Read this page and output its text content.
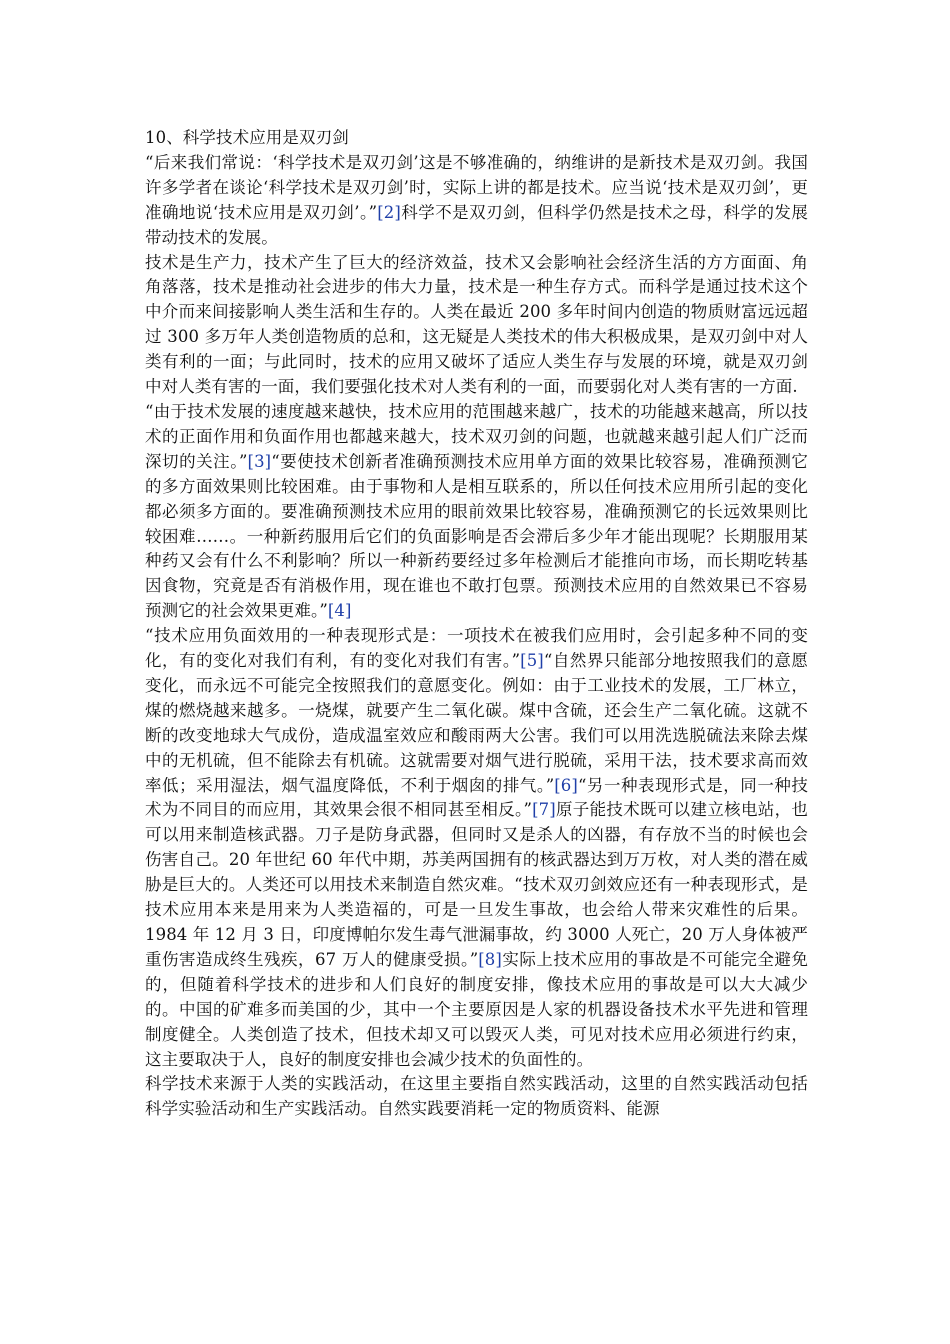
10、科学技术应用是双刃剑

“后来我们常说：‘科学技术是双刃剑’这是不够准确的，纳维讲的是新技术是双刃剑。我国许多学者在谈论‘科学技术是双刃剑’时，实际上讲的都是技术。应当说‘技术是双刃剑’，更准确地说‘技术应用是双刃剑’。”[2]科学不是双刃剑，但科学仍然是技术之母，科学的发展带动技术的发展。

技术是生产力，技术产生了巨大的经济效益，技术又会影响社会经济生活的方方面面、角角落落，技术是推动社会进步的伟大力量，技术是一种生存方式。而科学是通过技术这个中介而来间接影响人类生活和生存的。人类在最近 200 多年时间内创造的物质财富远远超过 300 多万年人类创造物质的总和，这无疑是人类技术的伟大积极成果，是双刃剑中对人类有利的一面；与此同时，技术的应用又破坏了适应人类生存与发展的环境，就是双刃剑中对人类有害的一面，我们要强化技术对人类有利的一面，而要弱化对人类有害的一方面.

“由于技术发展的速度越来越快，技术应用的范围越来越广，技术的功能越来越高，所以技术的正面作用和负面作用也都越来越大，技术双刃剑的问题，也就越来越引起人们广泛而深切的关注。”[3]“要使技术创新者准确预测技术应用单方面的效果比较容易，准确预测它的多方面效果则比较困难。由于事物和人是相互联系的，所以任何技术应用所引起的变化都必须多方面的。要准确预测技术应用的眼前效果比较容易，准确预测它的长远效果则比较困难……。一种新药服用后它们的负面影响是否会滞后多少年才能出现呢？长期服用某种药又会有什么不利影响？所以一种新药要经过多年检测后才能推向市场，而长期吃转基因食物，究竟是否有消极作用，现在谁也不敢打包票。预测技术应用的自然效果已不容易预测它的社会效果更难。”[4]

“技术应用负面效用的一种表现形式是：一项技术在被我们应用时，会引起多种不同的变化，有的变化对我们有利，有的变化对我们有害。”[5]“自然界只能部分地按照我们的意愿变化，而永远不可能完全按照我们的意愿变化。例如：由于工业技术的发展，工厂林立，煤的燃烧越来越多。一烧煤，就要产生二氧化碳。煤中含硫，还会生产二氧化硫。这就不断的改变地球大气成份，造成温室效应和酸雨两大公害。我们可以用洗选脱硫法来除去煤中的无机硫，但不能除去有机硫。这就需要对烟气进行脱硫，采用干法，技术要求高而效率低；采用湿法，烟气温度降低，不利于烟囱的排气。”[6]“另一种表现形式是，同一种技术为不同目的而应用，其效果会很不相同甚至相反。”[7]原子能技术既可以建立核电站，也可以用来制造核武器。刀子是防身武器，但同时又是杀人的凶器，有存放不当的时候也会伤害自己。20 年世纪 60 年代中期，苏美两国拥有的核武器达到万万枚，对人类的潜在威胁是巨大的。人类还可以用技术来制造自然灾难。“技术双刃剑效应还有一种表现形式，是技术应用本来是用来为人类造福的，可是一旦发生事故，也会给人带来灾难性的后果。1984 年 12 月 3 日，印度博帕尔发生毒气泄漏事故，约 3000 人死亡，20 万人身体被严重伤害造成终生残疾，67 万人的健康受损。”[8]实际上技术应用的事故是不可能完全避免的，但随着科学技术的进步和人们良好的制度安排，像技术应用的事故是可以大大减少的。中国的矿难多而美国的少，其中一个主要原因是人家的机器设备技术水平先进和管理制度健全。人类创造了技术，但技术却又可以毁灭人类，可见对技术应用必须进行约束，这主要取决于人，良好的制度安排也会减少技术的负面性的。

科学技术来源于人类的实践活动，在这里主要指自然实践活动，这里的自然实践活动包括科学实验活动和生产实践活动。自然实践要消耗一定的物质资料、能源
